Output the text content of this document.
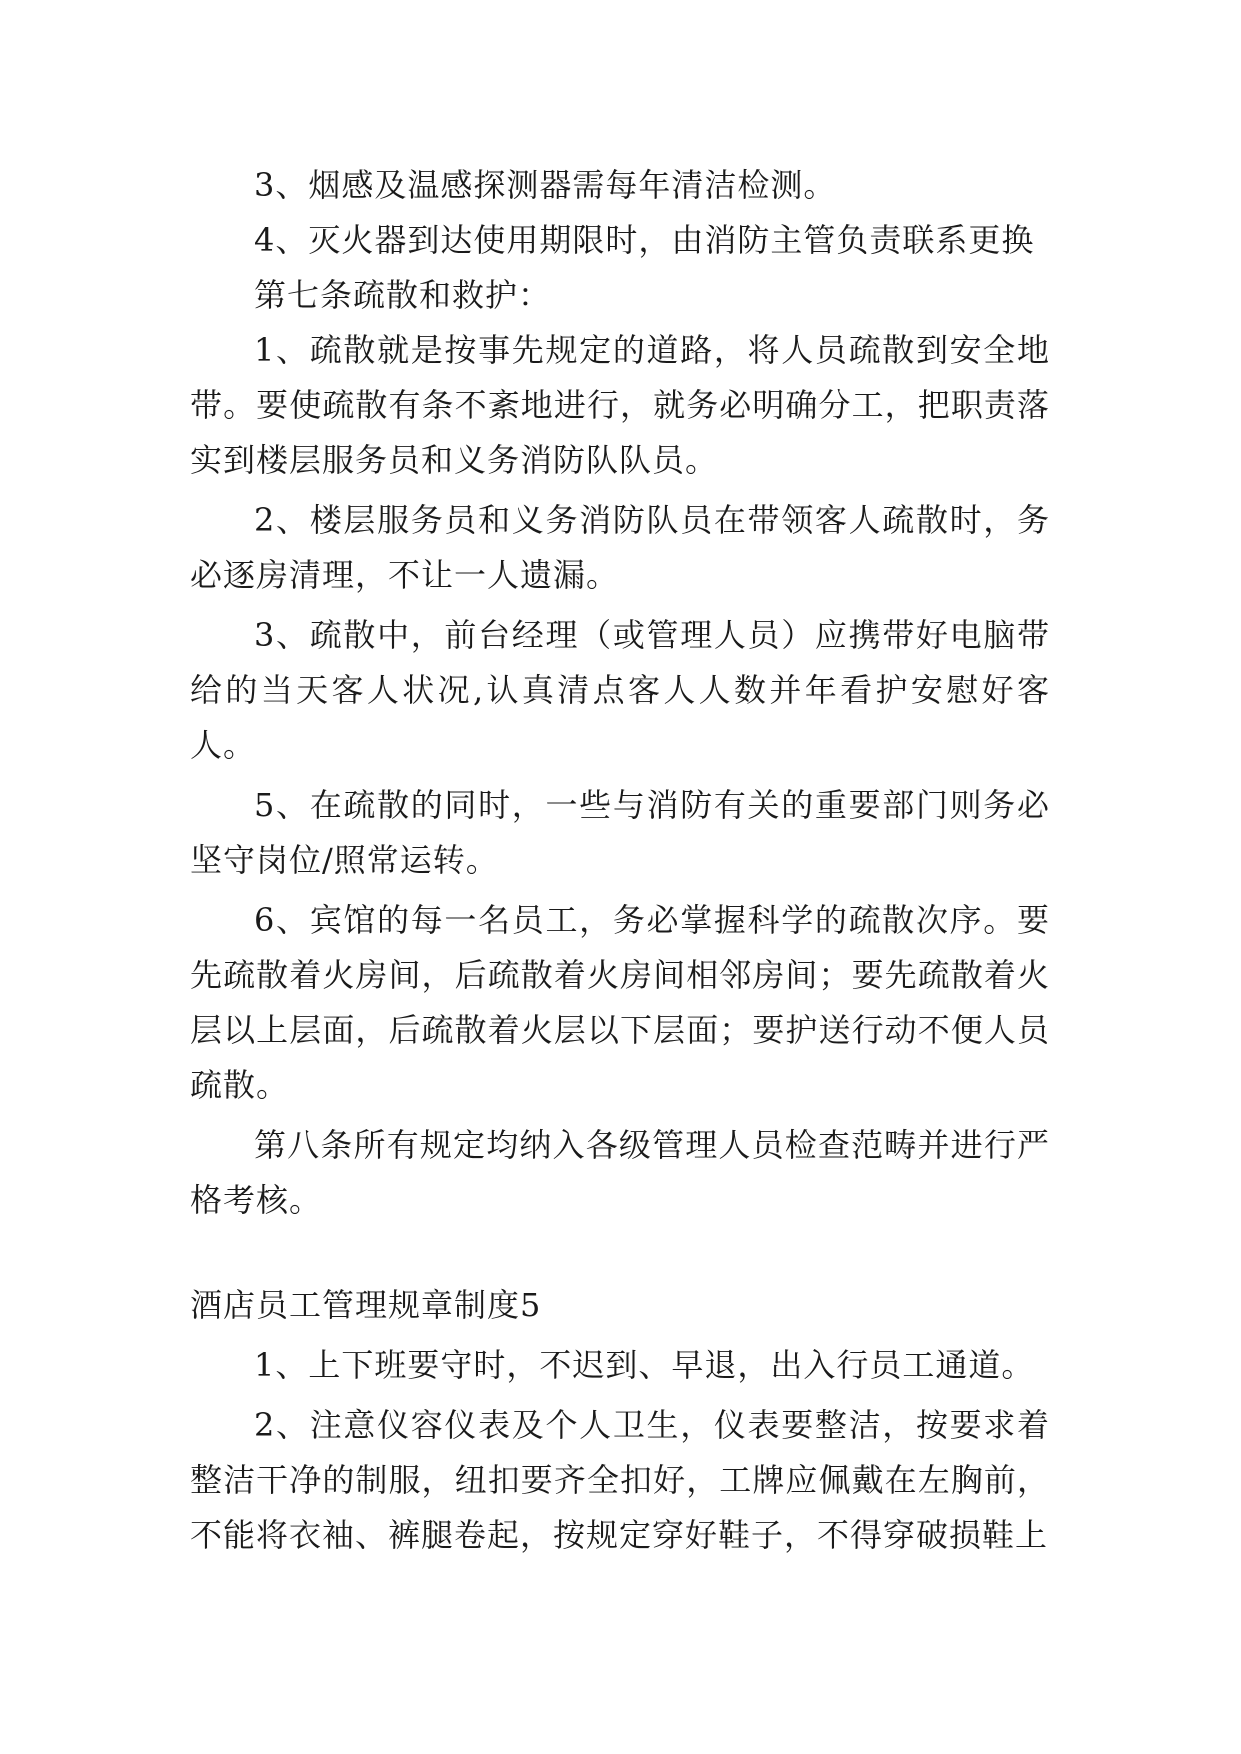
3、烟感及温感探测器需每年清洁检测。

4、灭火器到达使用期限时，由消防主管负责联系更换

第七条疏散和救护：

1、疏散就是按事先规定的道路，将人员疏散到安全地带。要使疏散有条不紊地进行，就务必明确分工，把职责落实到楼层服务员和义务消防队队员。

2、楼层服务员和义务消防队员在带领客人疏散时，务必逐房清理，不让一人遗漏。

3、疏散中，前台经理（或管理人员）应携带好电脑带给的当天客人状况,认真清点客人人数并年看护安慰好客人。

5、在疏散的同时，一些与消防有关的重要部门则务必坚守岗位/照常运转。

6、宾馆的每一名员工，务必掌握科学的疏散次序。要先疏散着火房间，后疏散着火房间相邻房间；要先疏散着火层以上层面，后疏散着火层以下层面；要护送行动不便人员疏散。

第八条所有规定均纳入各级管理人员检查范畴并进行严格考核。

酒店员工管理规章制度5

1、上下班要守时，不迟到、早退，出入行员工通道。

2、注意仪容仪表及个人卫生，仪表要整洁，按要求着整洁干净的制服，纽扣要齐全扣好，工牌应佩戴在左胸前，不能将衣袖、裤腿卷起，按规定穿好鞋子，不得穿破损鞋上
